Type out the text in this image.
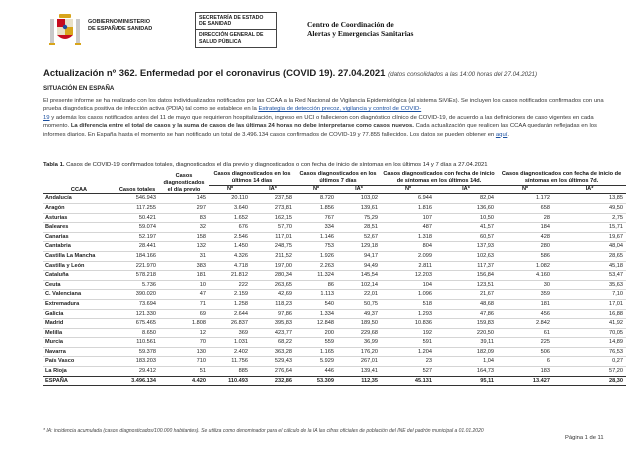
GOBIERNO
DE ESPAÑA
MINISTERIO
DE SANIDAD
SECRETARÍA DE ESTADO
DE SANIDAD
DIRECCIÓN GENERAL DE
SALUD PÚBLICA
Centro de Coordinación de
Alertas y Emergencias Sanitarias
Actualización nº 362. Enfermedad por el coronavirus (COVID 19). 27.04.2021 (datos consolidados a las 14:00 horas del 27.04.2021)
SITUACIÓN EN ESPAÑA
El presente informe se ha realizado con los datos individualizados notificados por las CCAA a la Red Nacional de Vigilancia Epidemiológica (al sistema SiViEs). Se incluyen los casos notificados confirmados con una prueba diagnóstica positiva de infección activa (PDIA) tal como se establece en la Estrategia de detección precoz, vigilancia y control de COVID-
19 y además los casos notificados antes del 11 de mayo que requirieron hospitalización, ingreso en UCI o fallecieron con diagnóstico clínico de COVID-19, de acuerdo a las definiciones de caso vigentes en cada momento. La diferencia entre el total de casos y la suma de casos de las últimas 24 horas no debe interpretarse como casos nuevos. Cada actualización que realicen las CCAA quedarán reflejadas en los informes diarios. En España hasta el momento se han notificado un total de 3.496.134 casos confirmados de COVID-19 y 77.855 fallecidos. Los datos se pueden obtener en aquí.
Tabla 1. Casos de COVID-19 confirmados totales, diagnosticados el día previo y diagnosticados o con fecha de inicio de síntomas en los últimos 14 y 7 días a 27.04.2021
CCAA	Casos totales	Casos diagnosticados el día previo	Casos diagnosticados en los últimos 14 días		Casos diagnosticados en los últimos 7 días		Casos diagnosticados con fecha de inicio de síntomas en los últimos 14d.		Casos diagnosticados con fecha de inicio de síntomas en los últimos 7d.	
			Nº	IA*	Nº	IA*	Nº	IA*	Nº	IA*
Andalucía	546.943	145	20.110	237,58	8.720	103,02	6.944	82,04	1.172	13,85
Aragón	117.255	297	3.640	273,81	1.856	139,61	1.816	136,60	658	49,50
Asturias	50.421	83	1.652	162,15	767	75,29	107	10,50	28	2,75
Baleares	59.074	32	676	57,70	334	28,51	487	41,57	184	15,71
Canarias	52.197	158	2.546	117,01	1.146	52,67	1.318	60,57	428	19,67
Cantabria	28.441	132	1.450	248,75	753	129,18	804	137,93	280	48,04
Castilla La Mancha	184.166	31	4.326	211,52	1.926	94,17	2.099	102,63	586	28,65
Castilla y León	221.970	383	4.718	197,00	2.263	94,49	2.811	117,37	1.082	45,18
Cataluña	578.218	181	21.812	280,34	11.324	145,54	12.203	156,84	4.160	53,47
Ceuta	5.736	10	222	263,65	86	102,14	104	123,51	30	35,63
C. Valenciana	390.020	47	2.159	42,69	1.113	22,01	1.096	21,67	359	7,10
Extremadura	73.694	71	1.258	118,23	540	50,75	518	48,68	181	17,01
Galicia	121.330	69	2.644	97,86	1.334	49,37	1.293	47,86	456	16,88
Madrid	675.465	1.808	26.837	395,83	12.848	189,50	10.836	159,83	2.842	41,92
Melilla	8.650	12	369	423,77	200	229,68	192	220,50	61	70,05
Murcia	110.561	70	1.031	68,22	559	36,99	591	39,11	225	14,89
Navarra	59.378	130	2.402	363,28	1.165	176,20	1.204	182,09	506	76,53
País Vasco	183.203	710	11.756	529,43	5.929	267,01	23	1,04	6	0,27
La Rioja	29.412	51	885	276,64	446	139,41	527	164,73	183	57,20
ESPAÑA	3.496.134	4.420	110.493	232,86	53.309	112,35	45.131	95,11	13.427	28,30
* IA: incidencia acumulada (casos diagnosticados/100.000 habitantes). Se utiliza como denominador para el cálculo de la IA las cifras oficiales de población del INE del padrón municipal a 01.01.2020
Página 1 de 11
